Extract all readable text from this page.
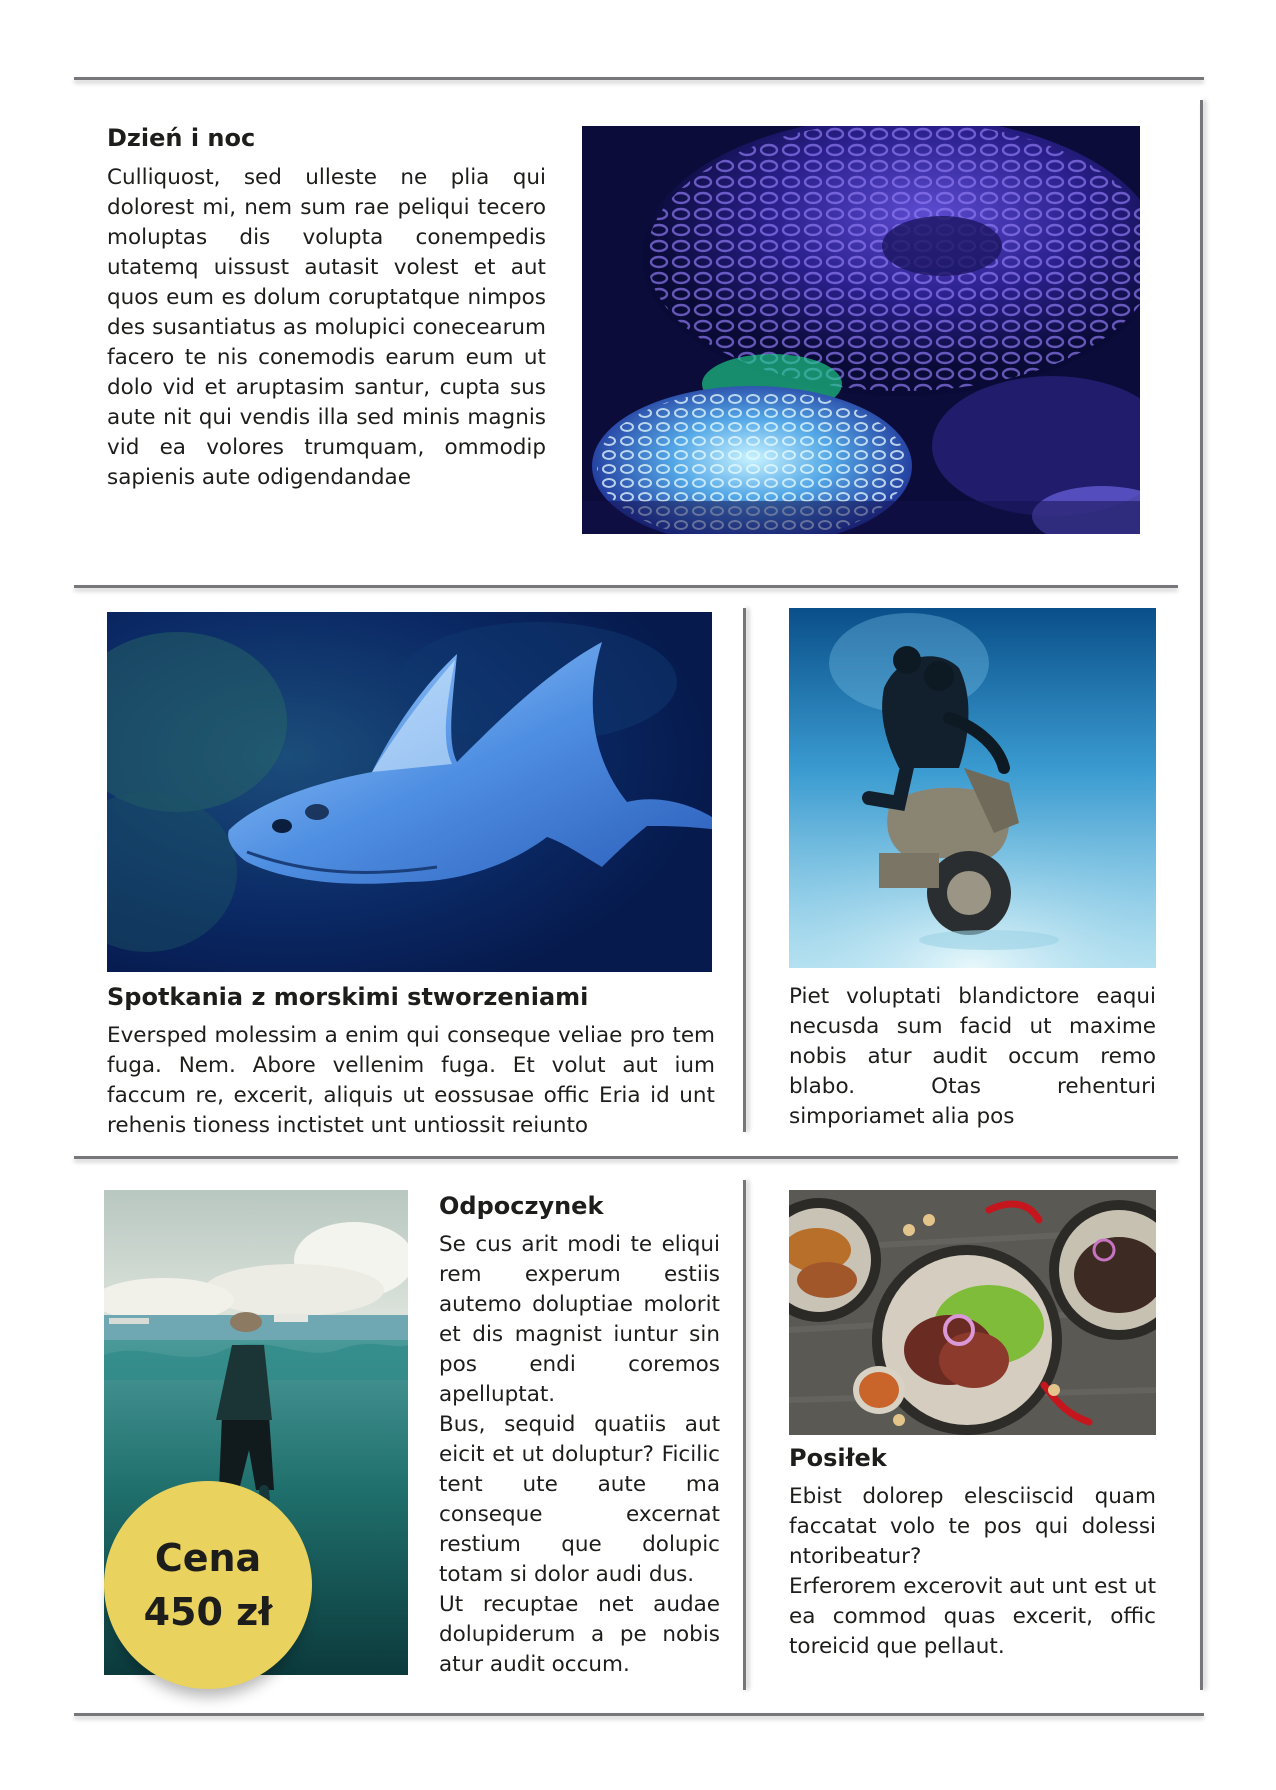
Dzień i noc
Culliquost, sed ulleste ne plia qui dolorest mi, nem sum rae peliqui tecero moluptas dis volupta conempedis utatemq uissust autasit volest et aut quos eum es dolum coruptatque nimpos des susantiatus as molupici conecearum facero te nis conemodis earum eum ut dolo vid et aruptasim santur, cupta sus aute nit qui vendis illa sed minis magnis vid ea volores trumquam, ommodip sapienis aute odigendandae
Spotkania z morskimi stworzeniami
Eversped molessim a enim qui conseque veliae pro tem fuga. Nem. Abore vellenim fuga. Et volut aut ium faccum re, excerit, aliquis ut eossusae offic Eria id unt rehenis tioness inctistet unt untiossit reiunto
Piet voluptati blandictore eaqui necusda sum facid ut maxime nobis atur audit occum remo blabo. Otas rehenturi simporiamet alia pos
Cena
450 zł
Odpoczynek

Se cus arit modi te eliqui rem experum estiis autemo doluptiae molorit et dis magnist iuntur sin pos endi coremos apelluptat.

Bus, sequid quatiis aut eicit et ut doluptur? Ficilic tent ute aute ma conseque excernat restium que dolupic totam si dolor audi dus.

Ut recuptae net audae dolupiderum a pe nobis atur audit occum.

Posiłek

Ebist dolorep elesciiscid quam faccatat volo te pos qui dolessi ntoribeatur?

Erferorem excerovit aut unt est ut ea commod quas excerit, offic toreicid que pellaut.
